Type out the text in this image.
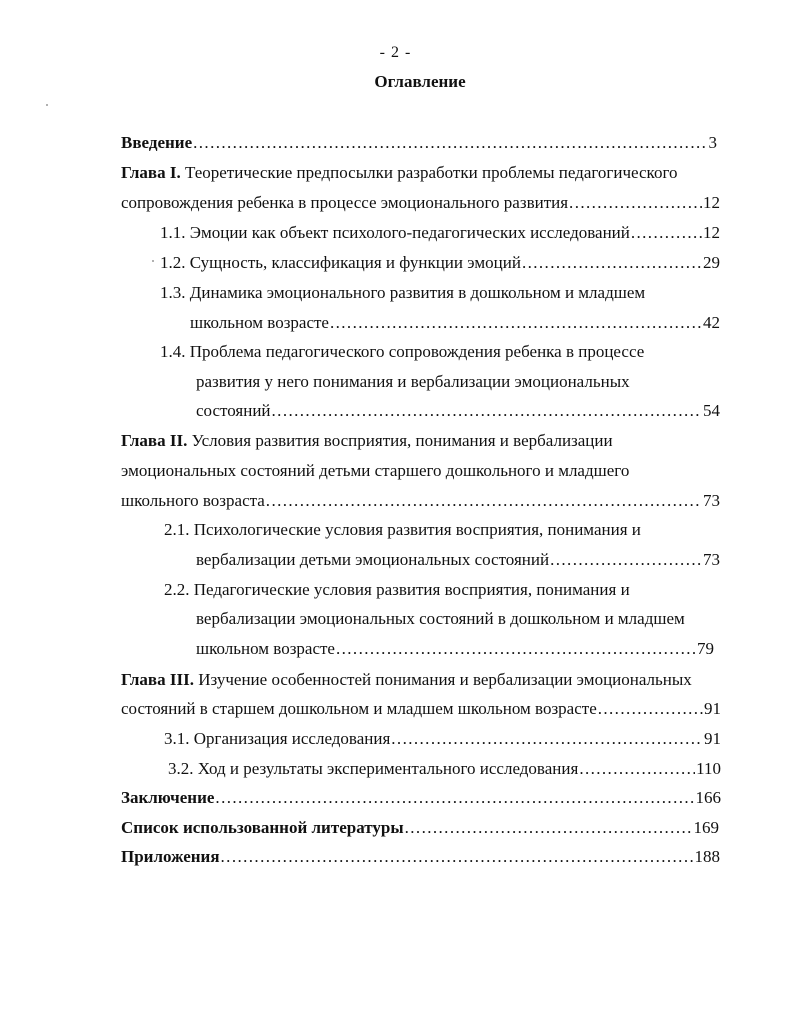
- 2 -
Оглавление
Введение .....	3
Глава I. Теоретические предпосылки разработки проблемы педагогического
сопровождения ребенка в процессе эмоционального развития .....	12
1.1. Эмоции как объект психолого-педагогических исследований .....	12
1.2. Сущность, классификация и функции эмоций .....	29
1.3. Динамика эмоционального развития в дошкольном и младшем
школьном возрасте .....	42
1.4. Проблема педагогического сопровождения ребенка в процессе
развития у него понимания и вербализации эмоциональных
состояний .....	54
Глава II. Условия развития восприятия, понимания и вербализации
эмоциональных состояний детьми старшего дошкольного и младшего
школьного возраста .....	73
2.1. Психологические условия развития восприятия, понимания и
вербализации детьми эмоциональных состояний .....	73
2.2. Педагогические условия развития восприятия, понимания и
вербализации эмоциональных состояний в дошкольном и младшем
школьном возрасте .....	79
Глава III. Изучение особенностей понимания и вербализации эмоциональных
состояний в старшем дошкольном и младшем школьном возрасте .....	91
3.1. Организация исследования .....	91
3.2. Ход и результаты экспериментального исследования .....	110
Заключение .....	166
Список использованной литературы .....	169
Приложения .....	188
